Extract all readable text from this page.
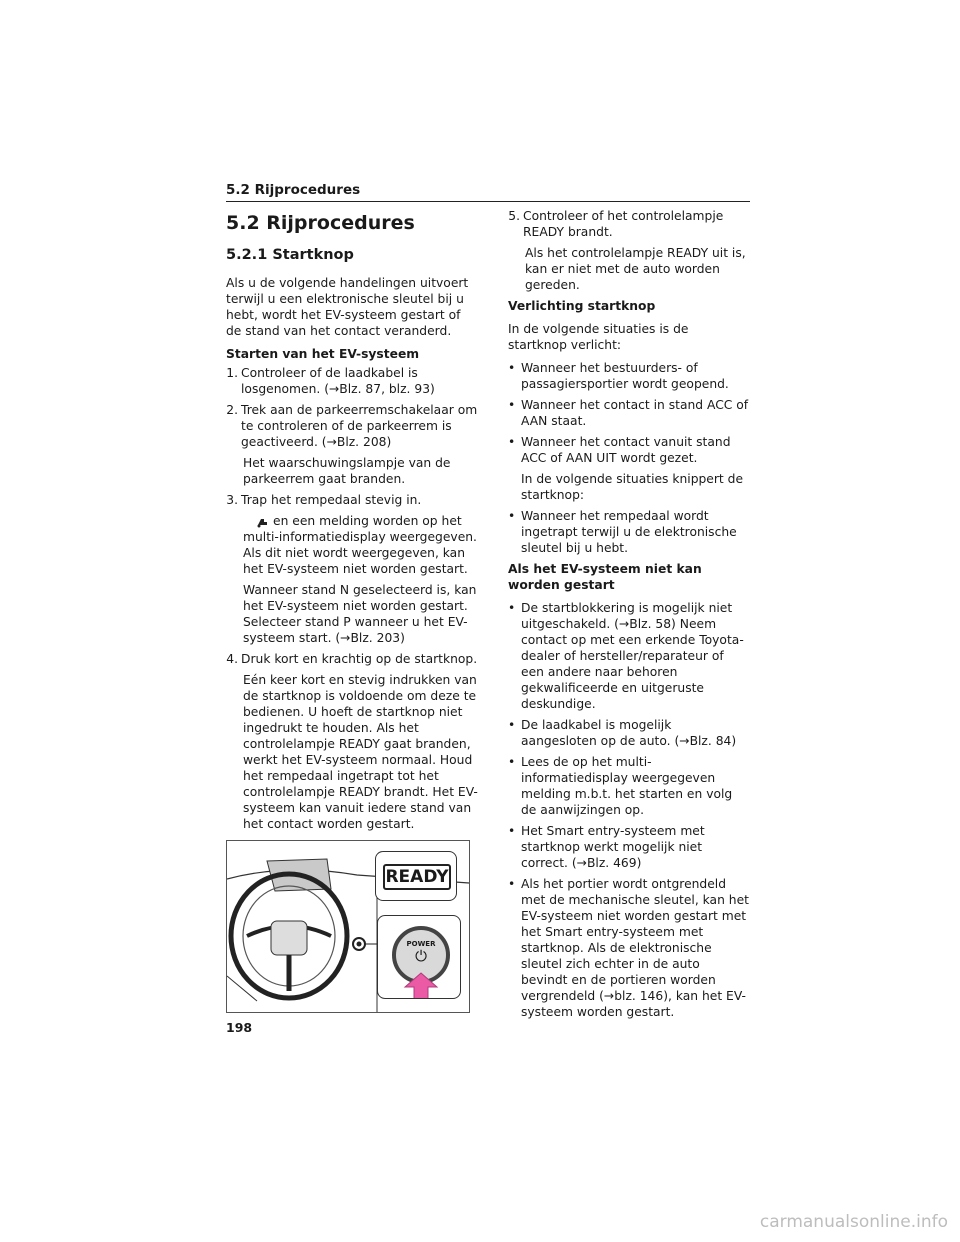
5.2 Rijprocedures
5.2 Rijprocedures
5.2.1 Startknop

Als u de volgende handelingen uitvoert terwijl u een elektronische sleutel bij u hebt, wordt het EV-systeem gestart of de stand van het contact veranderd.

Starten van het EV-systeem

1. Controleer of de laadkabel is losgenomen. (→Blz. 87, blz. 93)
2. Trek aan de parkeerremschakelaar om te controleren of de parkeerrem is geactiveerd. (→Blz. 208)

Het waarschuwingslampje van de parkeerrem gaat branden.

3. Trap het rempedaal stevig in.

en een melding worden op het multi-informatiedisplay weergegeven. Als dit niet wordt weergegeven, kan het EV-systeem niet worden gestart.

Wanneer stand N geselecteerd is, kan het EV-systeem niet worden gestart. Selecteer stand P wanneer u het EV-systeem start. (→Blz. 203)

4. Druk kort en krachtig op de startknop.

Eén keer kort en stevig indrukken van de startknop is voldoende om deze te bedienen. U hoeft de startknop niet ingedrukt te houden. Als het controlelampje READY gaat branden, werkt het EV-systeem normaal. Houd het rempedaal ingetrapt tot het controlelampje READY brandt. Het EV-systeem kan vanuit iedere stand van het contact worden gestart.

READY
POWER
⏻
5. Controleer of het controlelampje READY brandt.

Als het controlelampje READY uit is, kan er niet met de auto worden gereden.

Verlichting startknop

In de volgende situaties is de startknop verlicht:

• Wanneer het bestuurders- of passagiersportier wordt geopend.
• Wanneer het contact in stand ACC of AAN staat.
• Wanneer het contact vanuit stand ACC of AAN UIT wordt gezet.

In de volgende situaties knippert de startknop:

• Wanneer het rempedaal wordt ingetrapt terwijl u de elektronische sleutel bij u hebt.

Als het EV-systeem niet kan worden gestart

• De startblokkering is mogelijk niet uitgeschakeld. (→Blz. 58) Neem contact op met een erkende Toyota-dealer of hersteller/reparateur of een andere naar behoren gekwalificeerde en uitgeruste deskundige.
• De laadkabel is mogelijk aangesloten op de auto. (→Blz. 84)
• Lees de op het multi-informatiedisplay weergegeven melding m.b.t. het starten en volg de aanwijzingen op.
• Het Smart entry-systeem met startknop werkt mogelijk niet correct. (→Blz. 469)
• Als het portier wordt ontgrendeld met de mechanische sleutel, kan het EV-systeem niet worden gestart met het Smart entry-systeem met startknop. Als de elektronische sleutel zich echter in de auto bevindt en de portieren worden vergrendeld (→blz. 146), kan het EV-systeem worden gestart.
198
carmanualsonline.info
